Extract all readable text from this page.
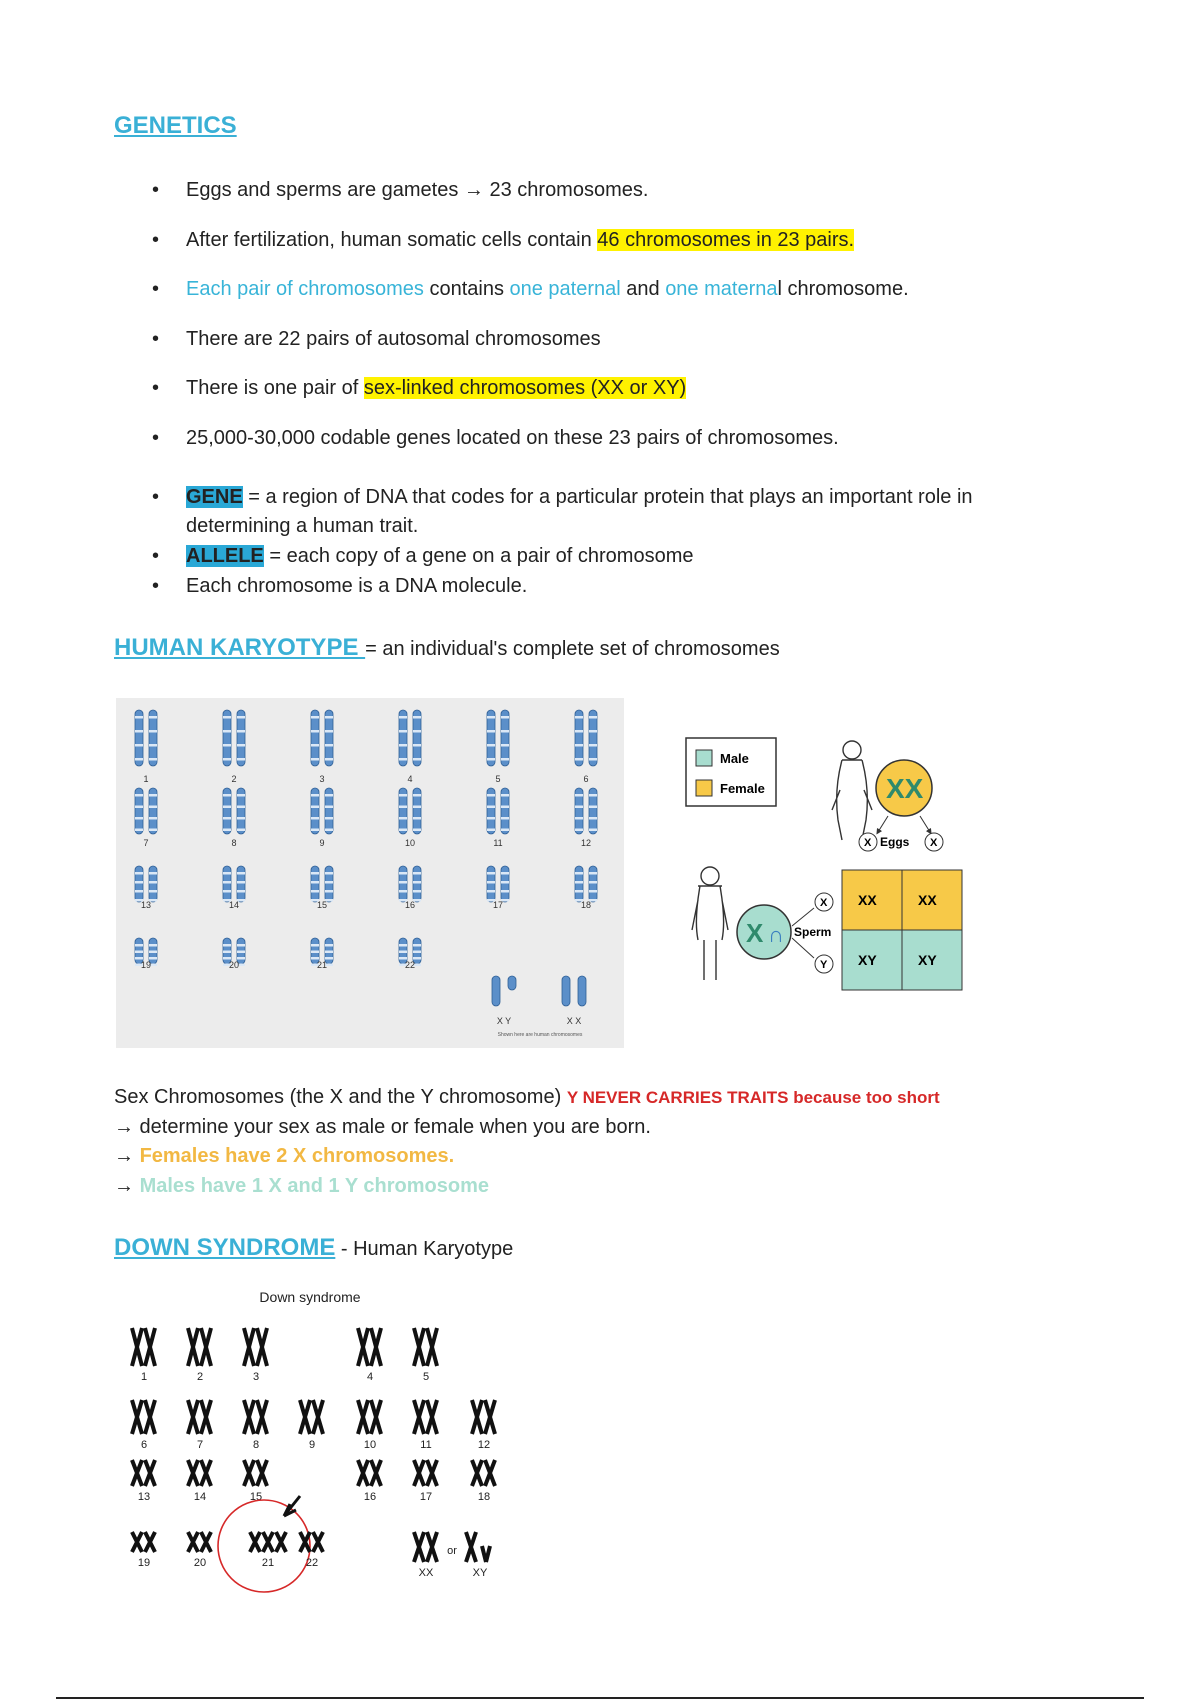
GENETICS
• Eggs and sperms are gametes → 23 chromosomes.
• After fertilization, human somatic cells contain 46 chromosomes in 23 pairs.
• Each pair of chromosomes contains one paternal and one maternal chromosome.
• There are 22 pairs of autosomal chromosomes
• There is one pair of sex-linked chromosomes (XX or XY)
• 25,000-30,000 codable genes located on these 23 pairs of chromosomes.
• GENE = a region of DNA that codes for a particular protein that plays an important role in
determining a human trait.
• ALLELE = each copy of a gene on a pair of chromosome
• Each chromosome is a DNA molecule.
HUMAN KARYOTYPE = an individual's complete set of chromosomes
1	2	3	4	5	6
7	8	9	10	11	12
13	14	15	16	17	18
19	20	21	22
X Y	X X
Shown here are human chromosomes
Male
Female	XX
X Eggs X
X ∩
X
Sperm
Y
XX	XX
XY	XY
Sex Chromosomes (the X and the Y chromosome) Y NEVER CARRIES TRAITS because too short
→ determine your sex as male or female when you are born.
→ Females have 2 X chromosomes.
→ Males have 1 X and 1 Y chromosome
DOWN SYNDROME - Human Karyotype
Down syndrome
1	2	3	4	5
6	7	8	9	10	11	12
13	14	15	16	17	18
19	20	21	22
XX
or
XY
